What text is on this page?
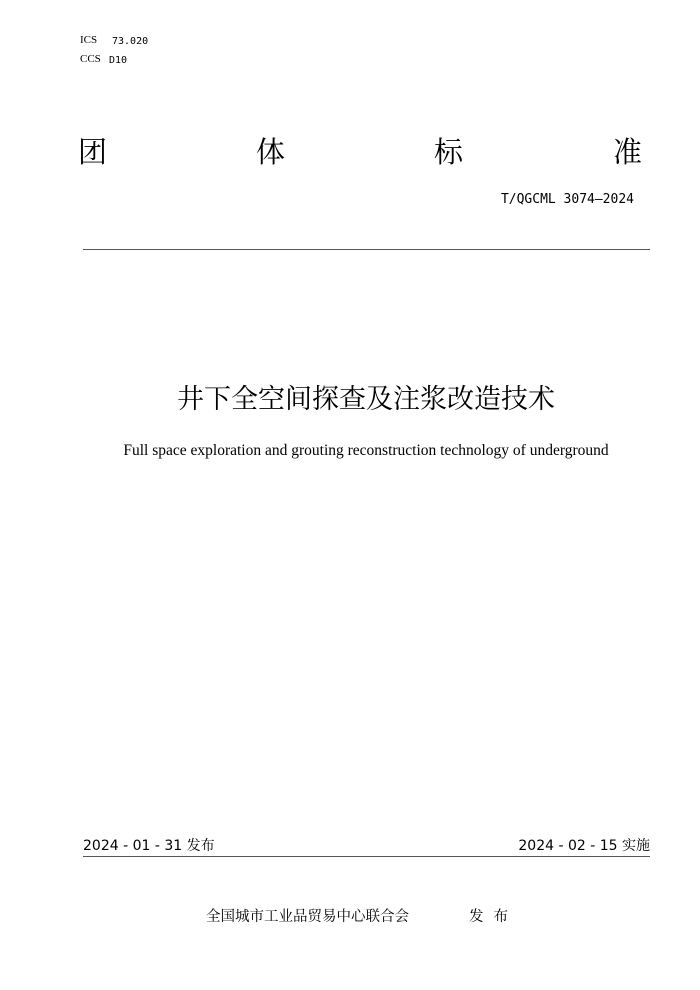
ICS 73.020
CCS D10
团	体	标	准
T/QGCML 3074—2024
井下全空间探查及注浆改造技术
Full space exploration and grouting reconstruction technology of underground
2024 - 01 - 31 发布	2024 - 02 - 15 实施
全国城市工业品贸易中心联合会	发布
